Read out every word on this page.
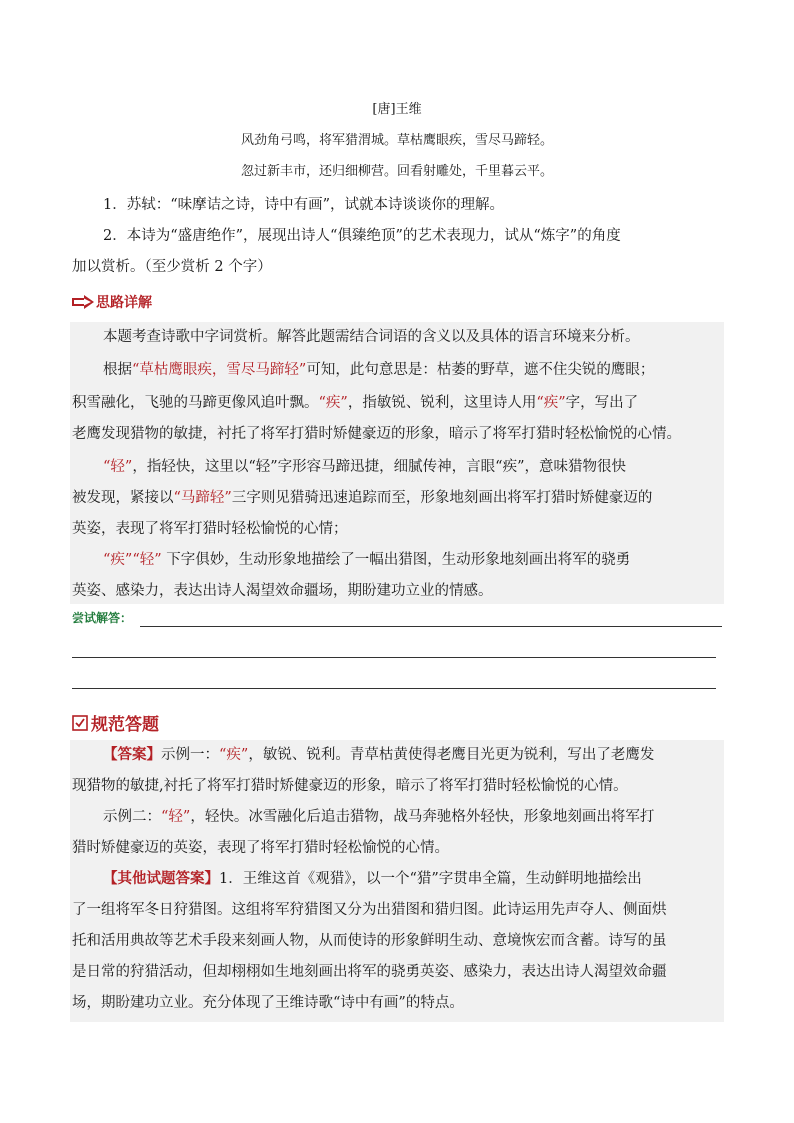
[唐]王维
风劲角弓鸣，将军猎渭城。草枯鹰眼疾，雪尽马蹄轻。
忽过新丰市，还归细柳营。回看射雕处，千里暮云平。
1．苏轼：“味摩诘之诗，诗中有画”，试就本诗谈谈你的理解。
2．本诗为“盛唐绝作”，展现出诗人“俱臻绝顶”的艺术表现力，试从“炼字”的角度
加以赏析。（至少赏析 2 个字）
思路详解
本题考查诗歌中字词赏析。解答此题需结合词语的含义以及具体的语言环境来分析。
根据“草枯鹰眼疾，雪尽马蹄轻”可知，此句意思是：枯萎的野草，遮不住尖锐的鹰眼；
积雪融化，飞驰的马蹄更像风追叶飘。“疾”，指敏锐、锐利，这里诗人用“疾”字，写出了
老鹰发现猎物的敏捷，衬托了将军打猎时矫健豪迈的形象，暗示了将军打猎时轻松愉悦的心情。
“轻”，指轻快，这里以“轻”字形容马蹄迅捷，细腻传神，言眼“疾”，意味猎物很快
被发现，紧接以“马蹄轻”三字则见猎骑迅速追踪而至，形象地刻画出将军打猎时矫健豪迈的
英姿，表现了将军打猎时轻松愉悦的心情；
“疾”“轻” 下字俱妙，生动形象地描绘了一幅出猎图，生动形象地刻画出将军的骁勇
英姿、感染力，表达出诗人渴望效命疆场，期盼建功立业的情感。
尝试解答：
规范答题
【答案】示例一：“疾”，敏锐、锐利。青草枯黄使得老鹰目光更为锐利，写出了老鹰发
现猎物的敏捷,衬托了将军打猎时矫健豪迈的形象，暗示了将军打猎时轻松愉悦的心情。
示例二：“轻”，轻快。冰雪融化后追击猎物，战马奔驰格外轻快，形象地刻画出将军打
猎时矫健豪迈的英姿，表现了将军打猎时轻松愉悦的心情。
【其他试题答案】1．王维这首《观猎》，以一个“猎”字贯串全篇，生动鲜明地描绘出
了一组将军冬日狩猎图。这组将军狩猎图又分为出猎图和猎归图。此诗运用先声夺人、侧面烘
托和活用典故等艺术手段来刻画人物，从而使诗的形象鲜明生动、意境恢宏而含蓄。诗写的虽
是日常的狩猎活动，但却栩栩如生地刻画出将军的骁勇英姿、感染力，表达出诗人渴望效命疆
场，期盼建功立业。充分体现了王维诗歌“诗中有画”的特点。
